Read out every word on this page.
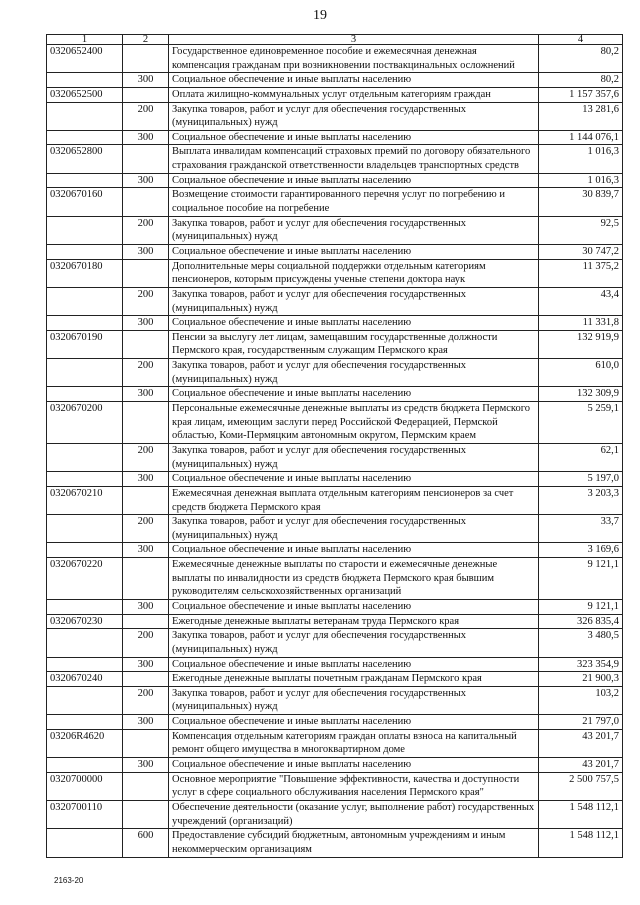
19
1	2	3	4
0320652400		Государственное единовременное пособие и ежемесячная денежная компенсация гражданам при возникновении поствакцинальных осложнений	80,2
	300	Социальное обеспечение и иные выплаты населению	80,2
0320652500		Оплата жилищно-коммунальных услуг отдельным категориям граждан	1 157 357,6
	200	Закупка товаров, работ и услуг для обеспечения государственных (муниципальных) нужд	13 281,6
	300	Социальное обеспечение и иные выплаты населению	1 144 076,1
0320652800		Выплата инвалидам компенсаций страховых премий по договору обязательного страхования гражданской ответственности владельцев транспортных средств	1 016,3
	300	Социальное обеспечение и иные выплаты населению	1 016,3
0320670160		Возмещение стоимости гарантированного перечня услуг по погребению и социальное пособие на погребение	30 839,7
	200	Закупка товаров, работ и услуг для обеспечения государственных (муниципальных) нужд	92,5
	300	Социальное обеспечение и иные выплаты населению	30 747,2
0320670180		Дополнительные меры социальной поддержки отдельным категориям пенсионеров, которым присуждены ученые степени доктора наук	11 375,2
	200	Закупка товаров, работ и услуг для обеспечения государственных (муниципальных) нужд	43,4
	300	Социальное обеспечение и иные выплаты населению	11 331,8
0320670190		Пенсии за выслугу лет лицам, замещавшим государственные должности Пермского края, государственным служащим Пермского края	132 919,9
	200	Закупка товаров, работ и услуг для обеспечения государственных (муниципальных) нужд	610,0
	300	Социальное обеспечение и иные выплаты населению	132 309,9
0320670200		Персональные ежемесячные денежные выплаты из средств бюджета Пермского края лицам, имеющим заслуги перед Российской Федерацией, Пермской областью, Коми-Пермяцким автономным округом, Пермским краем	5 259,1
	200	Закупка товаров, работ и услуг для обеспечения государственных (муниципальных) нужд	62,1
	300	Социальное обеспечение и иные выплаты населению	5 197,0
0320670210		Ежемесячная денежная выплата отдельным категориям пенсионеров за счет средств бюджета Пермского края	3 203,3
	200	Закупка товаров, работ и услуг для обеспечения государственных (муниципальных) нужд	33,7
	300	Социальное обеспечение и иные выплаты населению	3 169,6
0320670220		Ежемесячные денежные выплаты по старости и ежемесячные денежные выплаты по инвалидности из средств бюджета Пермского края бывшим руководителям сельскохозяйственных организаций	9 121,1
	300	Социальное обеспечение и иные выплаты населению	9 121,1
0320670230		Ежегодные денежные выплаты ветеранам труда Пермского края	326 835,4
	200	Закупка товаров, работ и услуг для обеспечения государственных (муниципальных) нужд	3 480,5
	300	Социальное обеспечение и иные выплаты населению	323 354,9
0320670240		Ежегодные денежные выплаты почетным гражданам Пермского края	21 900,3
	200	Закупка товаров, работ и услуг для обеспечения государственных (муниципальных) нужд	103,2
	300	Социальное обеспечение и иные выплаты населению	21 797,0
03206R4620		Компенсация отдельным категориям граждан оплаты взноса на капитальный ремонт общего имущества в многоквартирном доме	43 201,7
	300	Социальное обеспечение и иные выплаты населению	43 201,7
0320700000		Основное мероприятие "Повышение эффективности, качества и доступности услуг в сфере социального обслуживания населения Пермского края"	2 500 757,5
0320700110		Обеспечение деятельности (оказание услуг, выполнение работ) государственных учреждений (организаций)	1 548 112,1
	600	Предоставление субсидий бюджетным, автономным учреждениям и иным некоммерческим организациям	1 548 112,1
2163-20
